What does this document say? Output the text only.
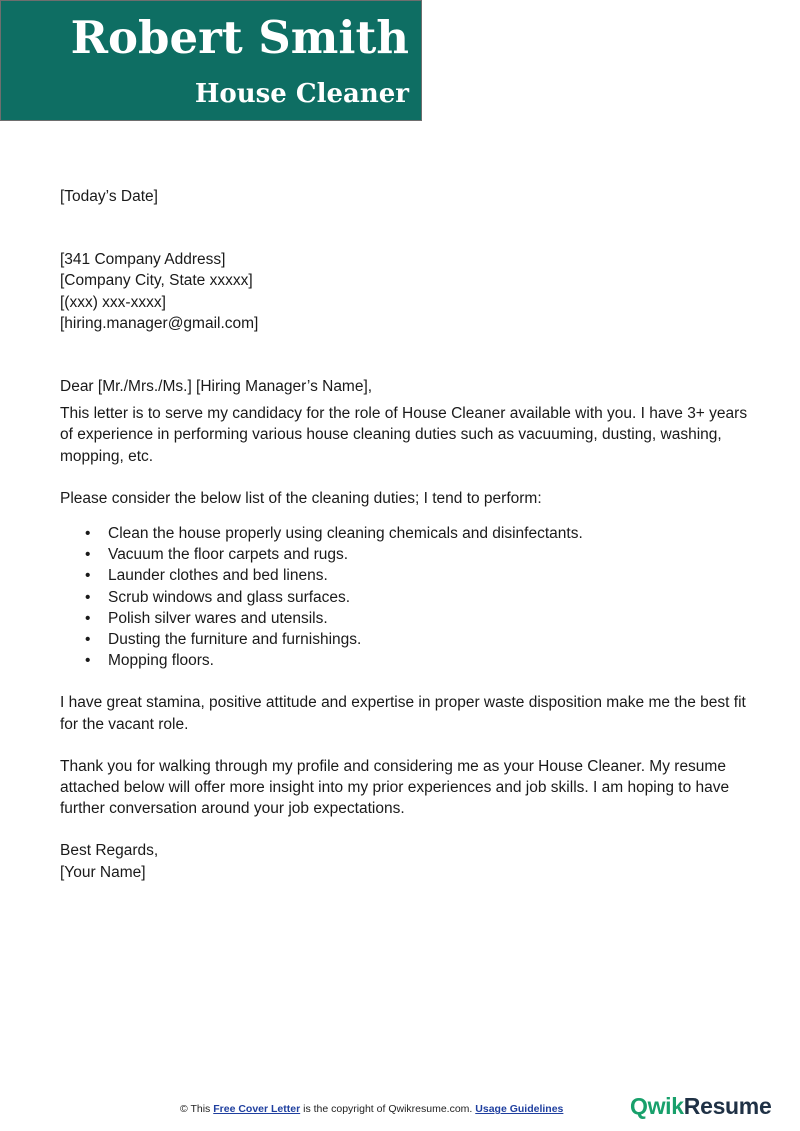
Robert Smith
House Cleaner

[Today’s Date]

[341 Company Address]
[Company City, State xxxxx]
[(xxx) xxx-xxxx]
[hiring.manager@gmail.com]

Dear [Mr./Mrs./Ms.] [Hiring Manager’s Name],

This letter is to serve my candidacy for the role of House Cleaner available with you. I have 3+ years of experience in performing various house cleaning duties such as vacuuming, dusting, washing, mopping, etc.

Please consider the below list of the cleaning duties; I tend to perform:

• Clean the house properly using cleaning chemicals and disinfectants.
• Vacuum the floor carpets and rugs.
• Launder clothes and bed linens.
• Scrub windows and glass surfaces.
• Polish silver wares and utensils.
• Dusting the furniture and furnishings.
• Mopping floors.

I have great stamina, positive attitude and expertise in proper waste disposition make me the best fit for the vacant role.

Thank you for walking through my profile and considering me as your House Cleaner. My resume attached below will offer more insight into my prior experiences and job skills. I am hoping to have further conversation around your job expectations.

Best Regards,
[Your Name]
© This Free Cover Letter is the copyright of Qwikresume.com. Usage Guidelines	QwikResume
